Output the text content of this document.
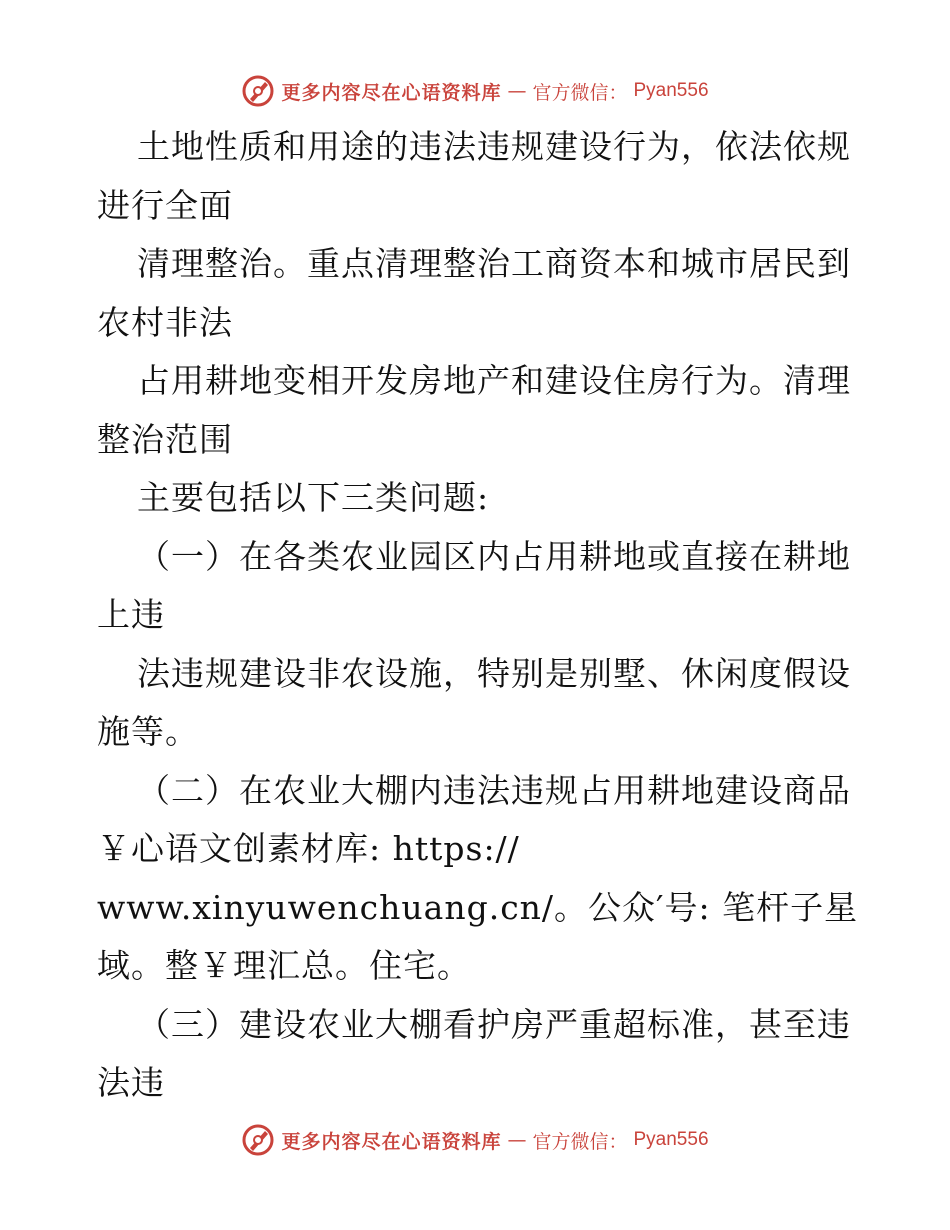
更多内容尽在心语资料库 — 官方微信： Pyan556
土地性质和用途的违法违规建设行为，依法依规
进行全面
清理整治。重点清理整治工商资本和城市居民到
农村非法
占用耕地变相开发房地产和建设住房行为。清理
整治范围
主要包括以下三类问题:
（一）在各类农业园区内占用耕地或直接在耕地
上违
法违规建设非农设施，特别是别墅、休闲度假设
施等。
（二）在农业大棚内违法违规占用耕地建设商品
￥心语文创素材库: https://
www.xinyuwenchuang.cn/。公众′号: 笔杆子星
域。整￥理汇总。住宅。
（三）建设农业大棚看护房严重超标准，甚至违
法违
更多内容尽在心语资料库 — 官方微信： Pyan556
